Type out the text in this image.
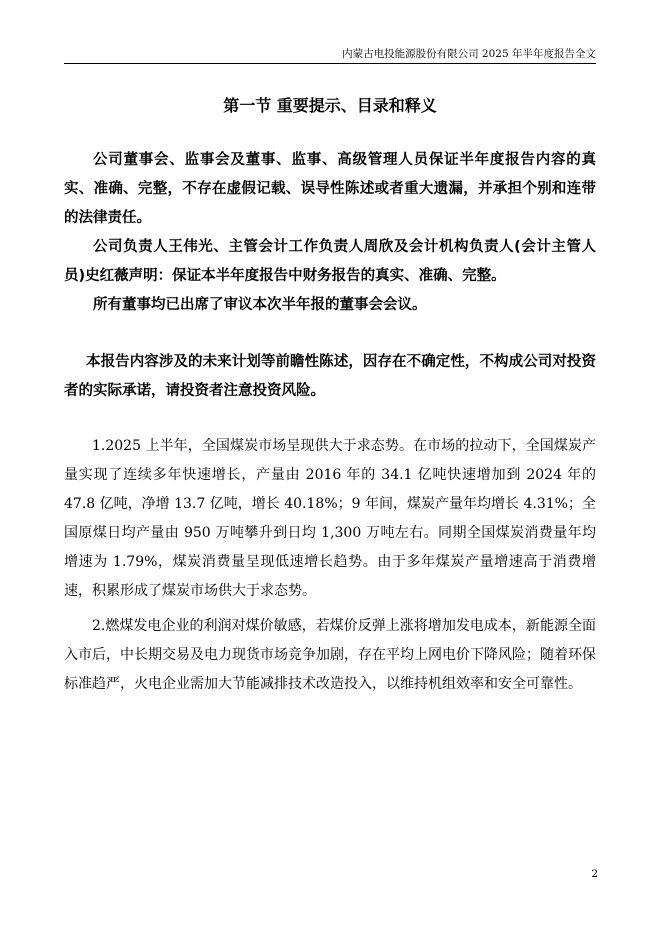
内蒙古电投能源股份有限公司 2025 年半年度报告全文
第一节 重要提示、目录和释义

公司董事会、监事会及董事、监事、高级管理人员保证半年度报告内容的真实、准确、完整，不存在虚假记载、误导性陈述或者重大遗漏，并承担个别和连带的法律责任。

公司负责人王伟光、主管会计工作负责人周欣及会计机构负责人(会计主管人员)史红薇声明：保证本半年度报告中财务报告的真实、准确、完整。

所有董事均已出席了审议本次半年报的董事会会议。

本报告内容涉及的未来计划等前瞻性陈述，因存在不确定性，不构成公司对投资者的实际承诺，请投资者注意投资风险。

1.2025 上半年，全国煤炭市场呈现供大于求态势。在市场的拉动下，全国煤炭产量实现了连续多年快速增长，产量由 2016 年的 34.1 亿吨快速增加到 2024 年的 47.8 亿吨，净增 13.7 亿吨，增长 40.18%；9 年间，煤炭产量年均增长 4.31%；全国原煤日均产量由 950 万吨攀升到日均 1,300 万吨左右。同期全国煤炭消费量年均增速为 1.79%，煤炭消费量呈现低速增长趋势。由于多年煤炭产量增速高于消费增速，积累形成了煤炭市场供大于求态势。

2.燃煤发电企业的利润对煤价敏感，若煤价反弹上涨将增加发电成本，新能源全面入市后，中长期交易及电力现货市场竞争加剧，存在平均上网电价下降风险；随着环保标准趋严，火电企业需加大节能减排技术改造投入，以维持机组效率和安全可靠性。

2
